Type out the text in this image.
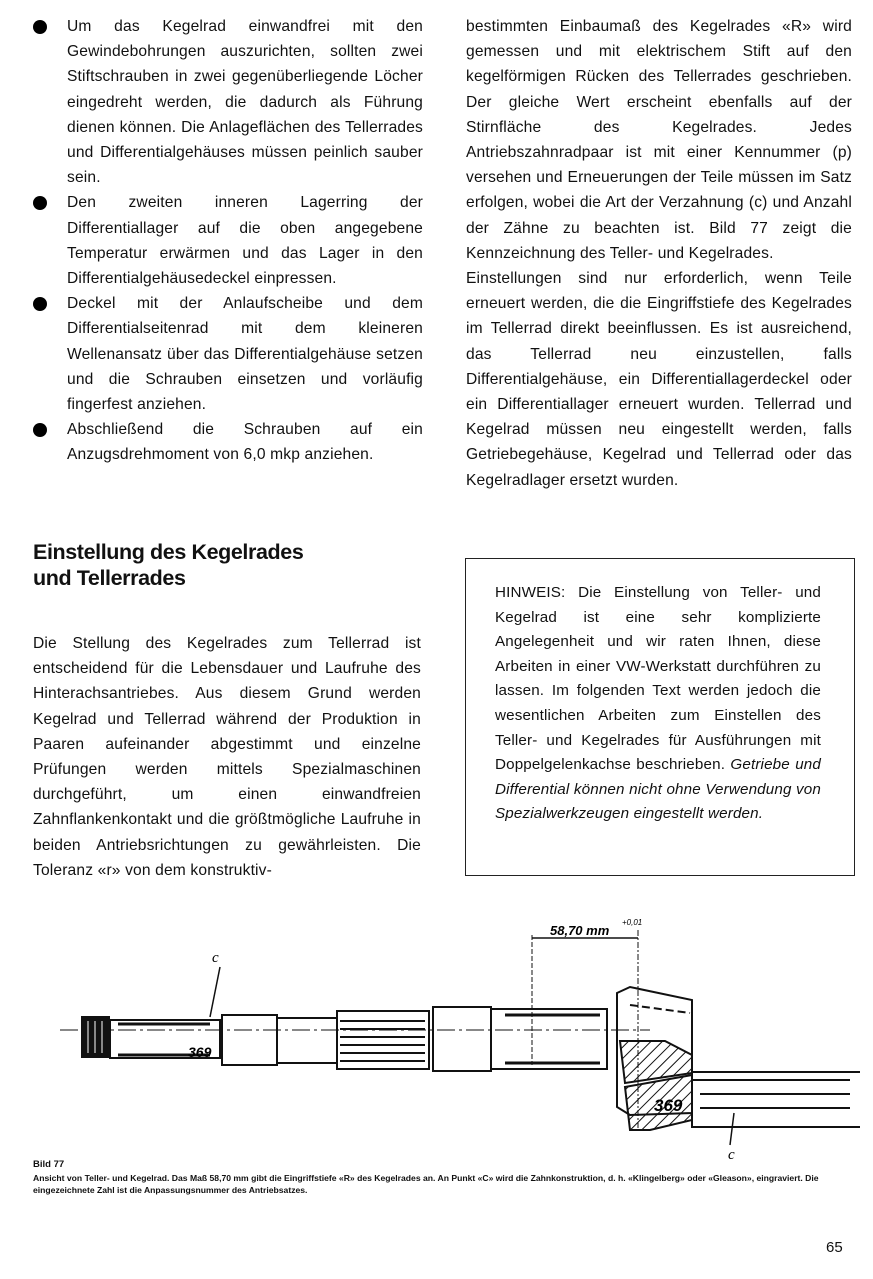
Um das Kegelrad einwandfrei mit den Gewindebohrungen auszurichten, sollten zwei Stiftschrauben in zwei gegenüberliegende Löcher eingedreht werden, die dadurch als Führung dienen können. Die Anlageflächen des Tellerrades und Differentialgehäuses müssen peinlich sauber sein.

Den zweiten inneren Lagerring der Differentiallager auf die oben angegebene Temperatur erwärmen und das Lager in den Differentialgehäusedeckel einpressen.

Deckel mit der Anlaufscheibe und dem Differentialseitenrad mit dem kleineren Wellenansatz über das Differentialgehäuse setzen und die Schrauben einsetzen und vorläufig fingerfest anziehen.

Abschließend die Schrauben auf ein Anzugsdrehmoment von 6,0 mkp anziehen.

Einstellung des Kegelrades
und Tellerrades

Die Stellung des Kegelrades zum Tellerrad ist entscheidend für die Lebensdauer und Laufruhe des Hinterachsantriebes. Aus diesem Grund werden Kegelrad und Tellerrad während der Produktion in Paaren aufeinander abgestimmt und einzelne Prüfungen werden mittels Spezialmaschinen durchgeführt, um einen einwandfreien Zahnflankenkontakt und die größtmögliche Laufruhe in beiden Antriebsrichtungen zu gewährleisten. Die Toleranz «r» von dem konstruktiv-

bestimmten Einbaumaß des Kegelrades «R» wird gemessen und mit elektrischem Stift auf den kegelförmigen Rücken des Tellerrades geschrieben. Der gleiche Wert erscheint ebenfalls auf der Stirnfläche des Kegelrades. Jedes Antriebszahnradpaar ist mit einer Kennummer (p) versehen und Erneuerungen der Teile müssen im Satz erfolgen, wobei die Art der Verzahnung (c) und Anzahl der Zähne zu beachten ist. Bild 77 zeigt die Kennzeichnung des Teller- und Kegelrades.

Einstellungen sind nur erforderlich, wenn Teile erneuert werden, die die Eingriffstiefe des Kegelrades im Tellerrad direkt beeinflussen. Es ist ausreichend, das Tellerrad neu einzustellen, falls Differentialgehäuse, ein Differentiallagerdeckel oder ein Differentiallager erneuert wurden. Tellerrad und Kegelrad müssen neu eingestellt werden, falls Getriebegehäuse, Kegelrad und Tellerrad oder das Kegelradlager ersetzt wurden.

HINWEIS: Die Einstellung von Teller- und Kegelrad ist eine sehr komplizierte Angelegenheit und wir raten Ihnen, diese Arbeiten in einer VW-Werkstatt durchführen zu lassen. Im folgenden Text werden jedoch die wesentlichen Arbeiten zum Einstellen des Teller- und Kegelrades für Ausführungen mit Doppelgelenkachse beschrieben. Getriebe und Differential können nicht ohne Verwendung von Spezialwerkzeugen eingestellt werden.

c
369
369
c
58,70 mm
+0,01
Bild 77
Ansicht von Teller- und Kegelrad. Das Maß 58,70 mm gibt die Eingriffstiefe «R» des Kegelrades an. An Punkt «C» wird die Zahnkonstruktion, d. h. «Klingelberg» oder «Gleason», eingraviert. Die eingezeichnete Zahl ist die Anpassungsnummer des Antriebsatzes.
65
